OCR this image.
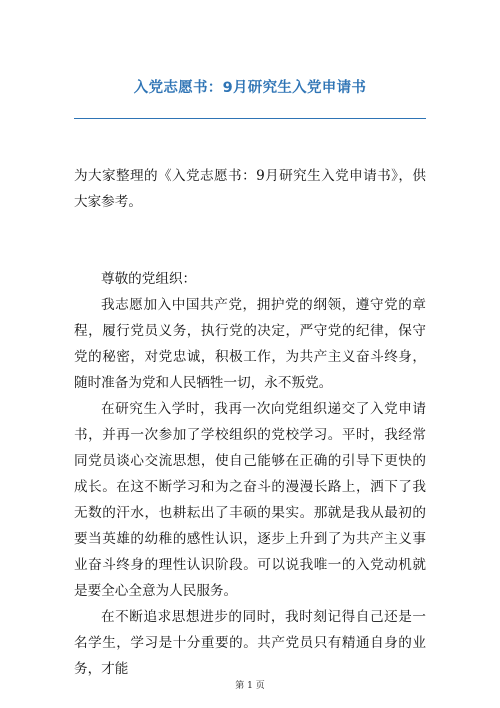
入党志愿书：9月研究生入党申请书

为大家整理的《入党志愿书：9月研究生入党申请书》，供大家参考。

尊敬的党组织：

我志愿加入中国共产党，拥护党的纲领，遵守党的章程，履行党员义务，执行党的决定，严守党的纪律，保守党的秘密，对党忠诚，积极工作，为共产主义奋斗终身，随时准备为党和人民牺牲一切，永不叛党。

在研究生入学时，我再一次向党组织递交了入党申请书，并再一次参加了学校组织的党校学习。平时，我经常同党员谈心交流思想，使自己能够在正确的引导下更快的成长。在这不断学习和为之奋斗的漫漫长路上，洒下了我无数的汗水，也耕耘出了丰硕的果实。那就是我从最初的要当英雄的幼稚的感性认识，逐步上升到了为共产主义事业奋斗终身的理性认识阶段。可以说我唯一的入党动机就是要全心全意为人民服务。

在不断追求思想进步的同时，我时刻记得自己还是一名学生，学习是十分重要的。共产党员只有精通自身的业务，才能

第 1 页
